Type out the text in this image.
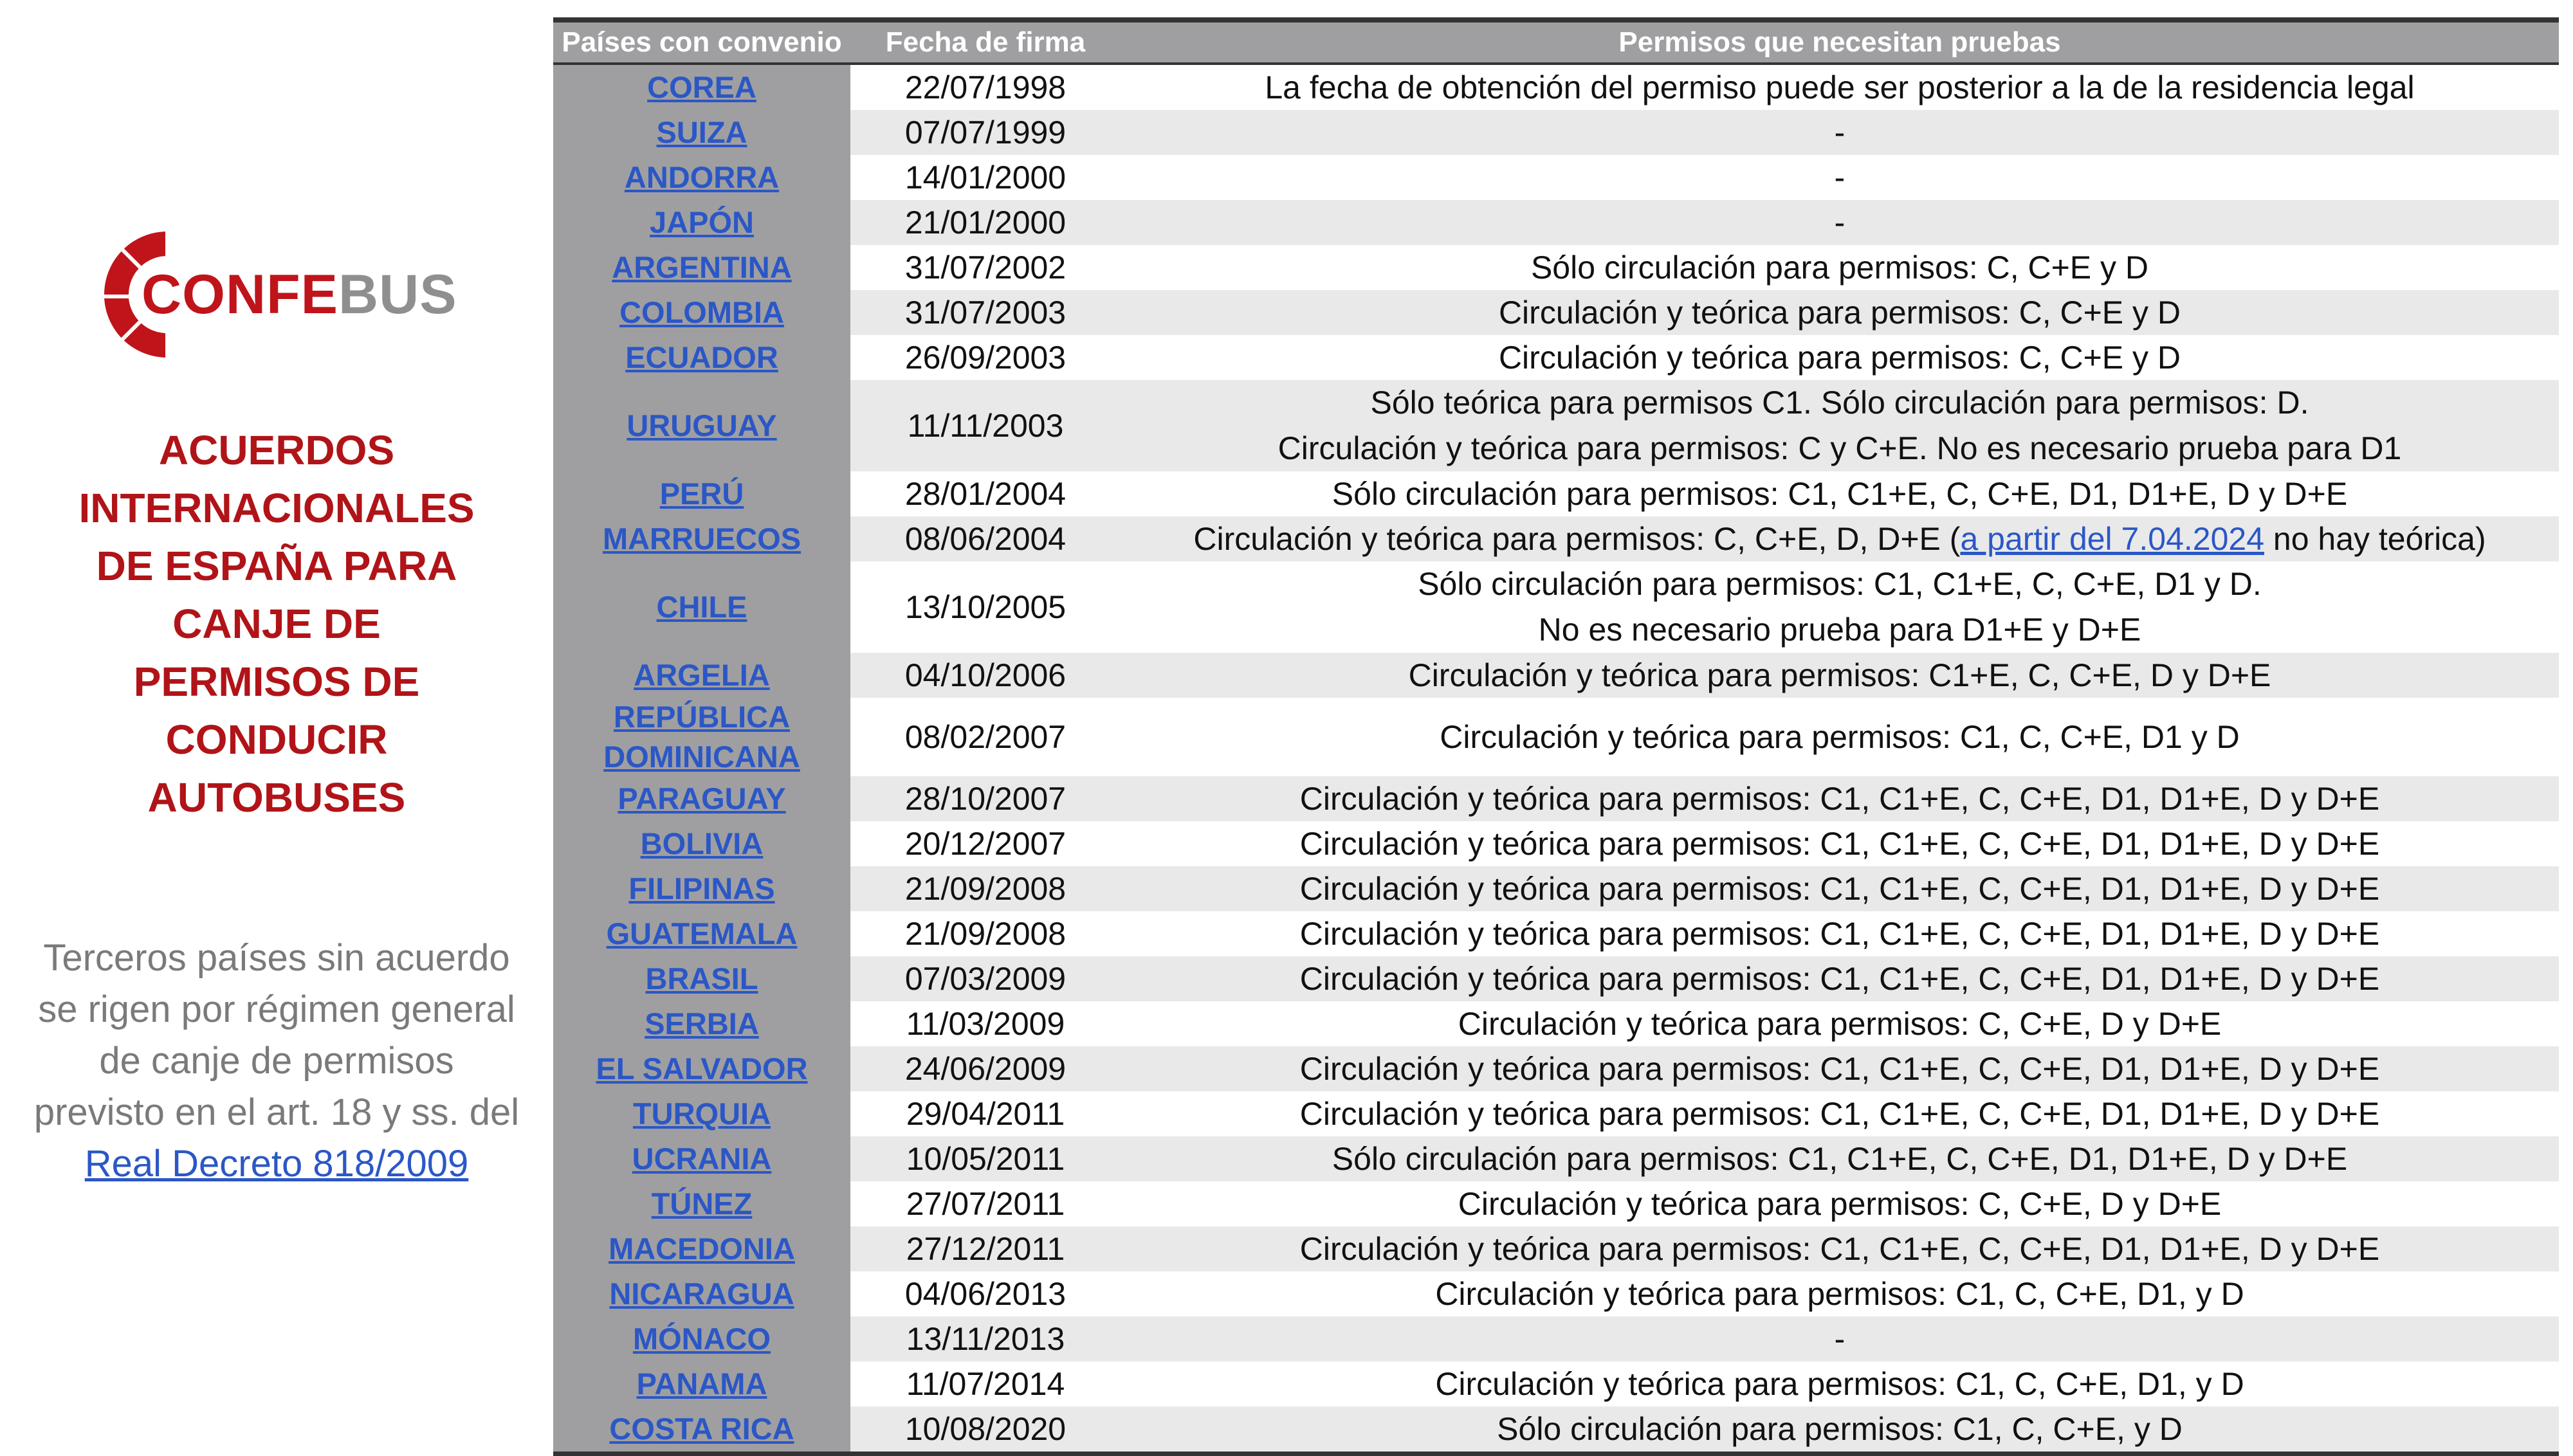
CONFEBUS
ACUERDOS
INTERNACIONALES
DE ESPAÑA PARA
CANJE DE
PERMISOS DE
CONDUCIR
AUTOBUSES
Terceros países sin acuerdo
se rigen por régimen general
de canje de permisos
previsto en el art. 18 y ss. del
Real Decreto 818/2009
Países con convenio	Fecha de firma	Permisos que necesitan pruebas
COREA	22/07/1998	La fecha de obtención del permiso puede ser posterior a la de la residencia legal
SUIZA	07/07/1999	-
ANDORRA	14/01/2000	-
JAPÓN	21/01/2000	-
ARGENTINA	31/07/2002	Sólo circulación para permisos: C, C+E y D
COLOMBIA	31/07/2003	Circulación y teórica para permisos: C, C+E y D
ECUADOR	26/09/2003	Circulación y teórica para permisos: C, C+E y D
URUGUAY	11/11/2003
Sólo teórica para permisos C1. Sólo circulación para permisos: D.
Circulación y teórica para permisos: C y C+E. No es necesario prueba para D1
PERÚ	28/01/2004	Sólo circulación para permisos: C1, C1+E, C, C+E, D1, D1+E, D y D+E
MARRUECOS	08/06/2004	Circulación y teórica para permisos: C, C+E, D, D+E (a partir del 7.04.2024 no hay teórica)
CHILE	13/10/2005
Sólo circulación para permisos: C1, C1+E, C, C+E, D1 y D.
No es necesario prueba para D1+E y D+E
ARGELIA	04/10/2006	Circulación y teórica para permisos: C1+E, C, C+E, D y D+E
REPÚBLICA
DOMINICANA
08/02/2007	Circulación y teórica para permisos: C1, C, C+E, D1 y D
PARAGUAY	28/10/2007	Circulación y teórica para permisos: C1, C1+E, C, C+E, D1, D1+E, D y D+E
BOLIVIA	20/12/2007	Circulación y teórica para permisos: C1, C1+E, C, C+E, D1, D1+E, D y D+E
FILIPINAS	21/09/2008	Circulación y teórica para permisos: C1, C1+E, C, C+E, D1, D1+E, D y D+E
GUATEMALA	21/09/2008	Circulación y teórica para permisos: C1, C1+E, C, C+E, D1, D1+E, D y D+E
BRASIL	07/03/2009	Circulación y teórica para permisos: C1, C1+E, C, C+E, D1, D1+E, D y D+E
SERBIA	11/03/2009	Circulación y teórica para permisos: C, C+E, D y D+E
EL SALVADOR	24/06/2009	Circulación y teórica para permisos: C1, C1+E, C, C+E, D1, D1+E, D y D+E
TURQUIA	29/04/2011	Circulación y teórica para permisos: C1, C1+E, C, C+E, D1, D1+E, D y D+E
UCRANIA	10/05/2011	Sólo circulación para permisos: C1, C1+E, C, C+E, D1, D1+E, D y D+E
TÚNEZ	27/07/2011	Circulación y teórica para permisos: C, C+E, D y D+E
MACEDONIA	27/12/2011	Circulación y teórica para permisos: C1, C1+E, C, C+E, D1, D1+E, D y D+E
NICARAGUA	04/06/2013	Circulación y teórica para permisos: C1, C, C+E, D1, y D
MÓNACO	13/11/2013	-
PANAMA	11/07/2014	Circulación y teórica para permisos: C1, C, C+E, D1, y D
COSTA RICA	10/08/2020	Sólo circulación para permisos: C1, C, C+E, y D
